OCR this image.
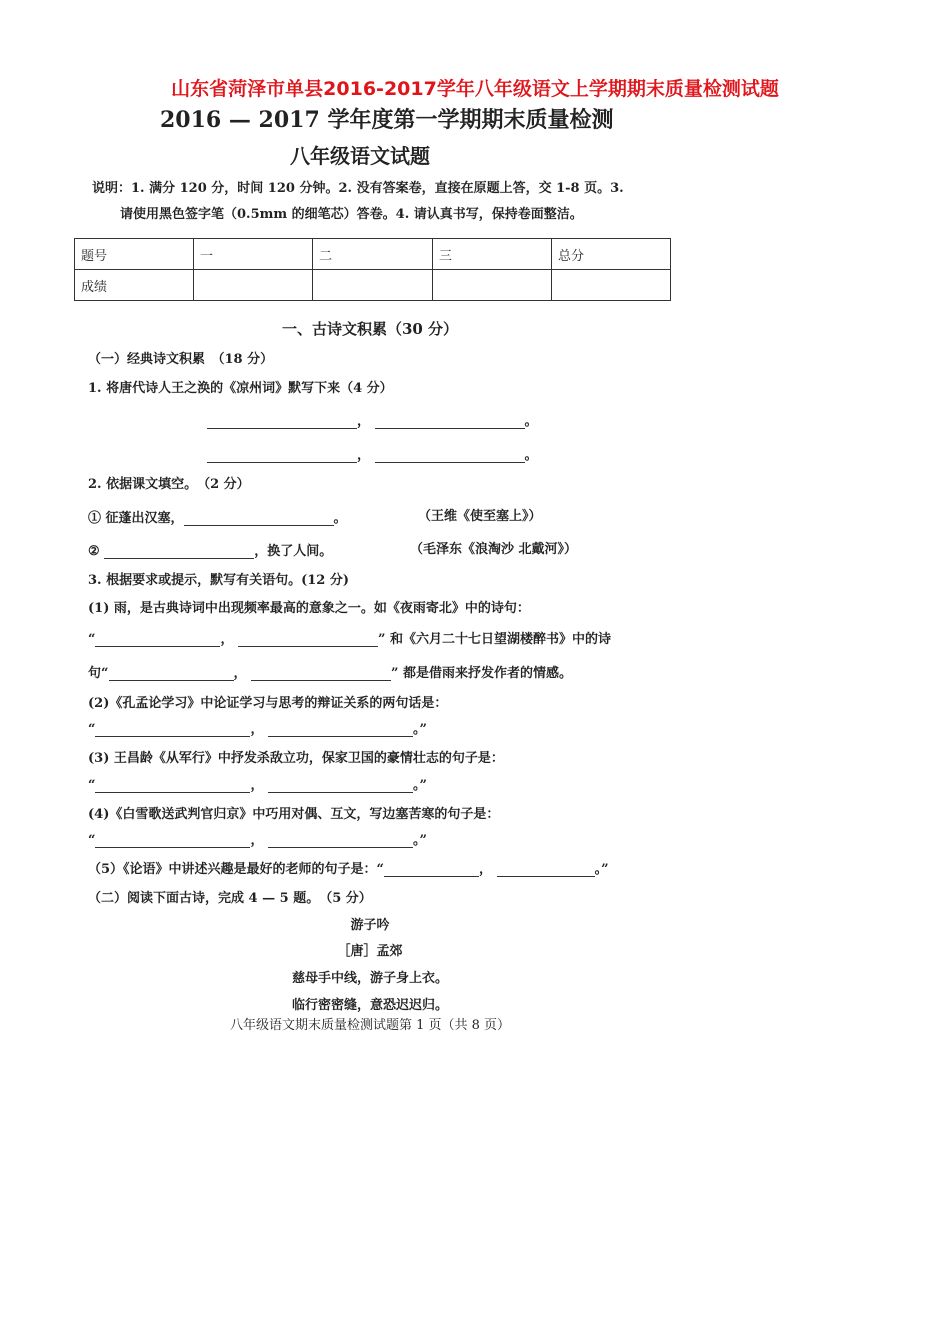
山东省菏泽市单县2016-2017学年八年级语文上学期期末质量检测试题
2016 — 2017 学年度第一学期期末质量检测
八年级语文试题
说明：1. 满分 120 分，时间 120 分钟。2. 没有答案卷，直接在原题上答，交 1-8 页。3.
请使用黑色签字笔（0.5mm 的细笔芯）答卷。4. 请认真书写，保持卷面整洁。
题号	一	二	三	总分
成绩				
一、古诗文积累（30 分）
（一）经典诗文积累　（18 分）
1. 将唐代诗人王之涣的《凉州词》默写下来（4 分）
，	。
，	。
2. 依据课文填空。　（2 分）
① 征蓬出汉塞，	。	（王维《使至塞上》）
②	，换了人间。	（毛泽东《浪淘沙 北戴河》）
3. 根据要求或提示，默写有关语句。(12 分)
(1) 雨，是古典诗词中出现频率最高的意象之一。如《夜雨寄北》中的诗句：
“	，	” 和《六月二十七日望湖楼醉书》中的诗
句“	，	” 都是借雨来抒发作者的情感。
(2)《孔孟论学习》中论证学习与思考的辩证关系的两句话是：
“	，	。”
(3) 王昌龄《从军行》中抒发杀敌立功，保家卫国的豪情壮志的句子是：
“	，	。”
(4)《白雪歌送武判官归京》中巧用对偶、互文，写边塞苦寒的句子是：
“	，	。”
（5）《论语》中讲述兴趣是最好的老师的句子是：“	，	。”
（二）阅读下面古诗，完成 4 — 5 题。　（5 分）
游子吟
［唐］孟郊
慈母手中线，游子身上衣。
临行密密缝，意恐迟迟归。
八年级语文期末质量检测试题第 1 页（共 8 页）
